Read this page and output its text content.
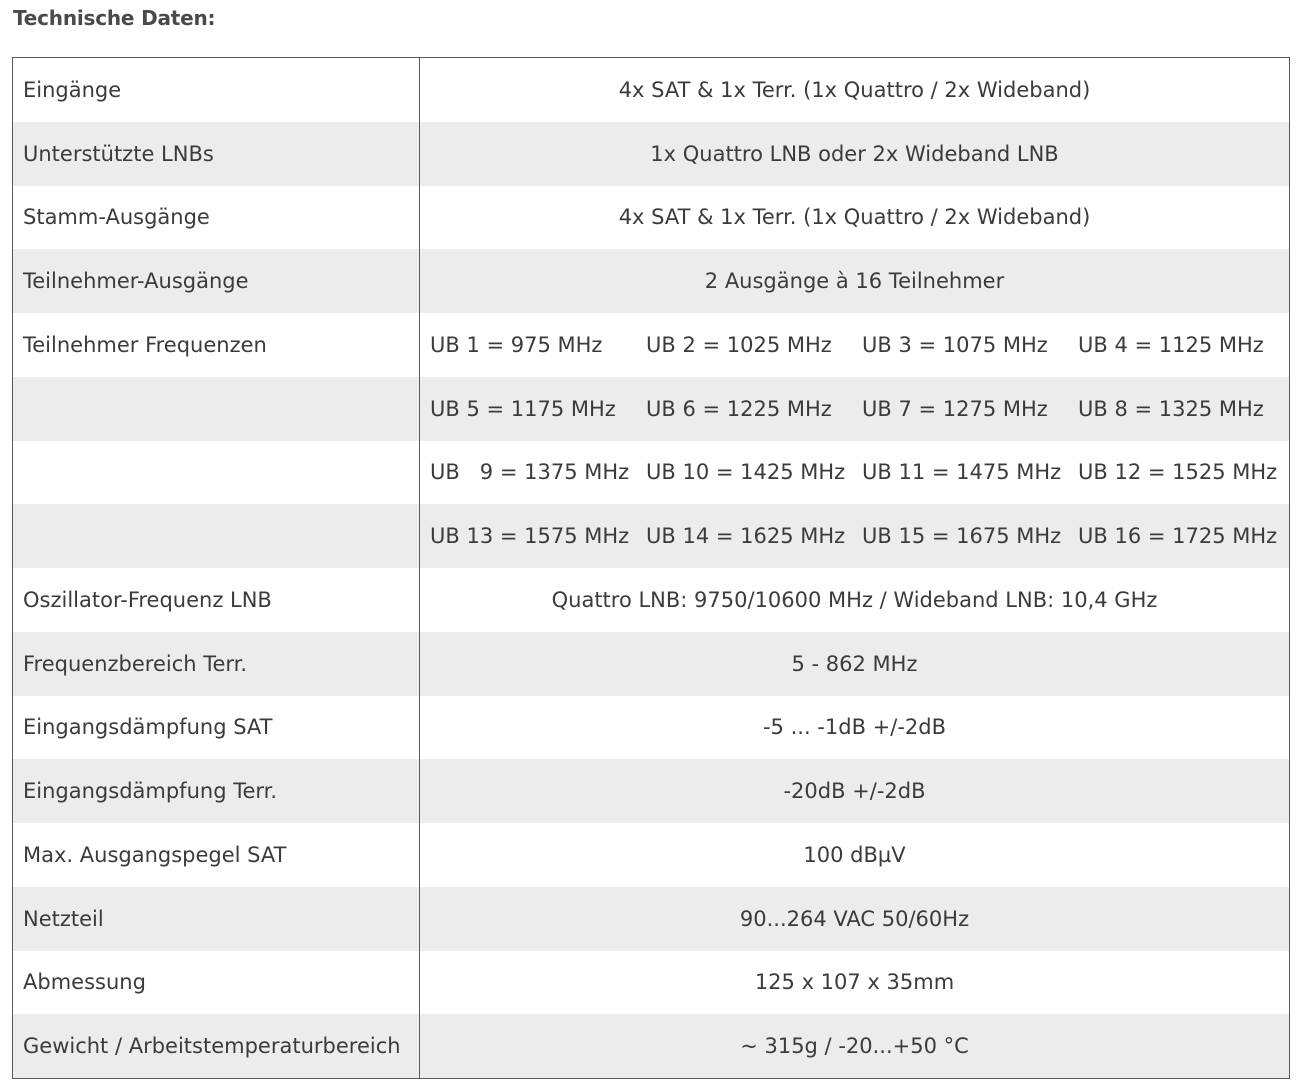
Technische Daten:
Eingänge	4x SAT & 1x Terr. (1x Quattro / 2x Wideband)
Unterstützte LNBs	1x Quattro LNB oder 2x Wideband LNB
Stamm-Ausgänge	4x SAT & 1x Terr. (1x Quattro / 2x Wideband)
Teilnehmer-Ausgänge	2 Ausgänge à 16 Teilnehmer
Teilnehmer Frequenzen	UB 1 = 975 MHz	UB 2 = 1025 MHz	UB 3 = 1075 MHz	UB 4 = 1125 MHz
UB 5 = 1175 MHz	UB 6 = 1225 MHz	UB 7 = 1275 MHz	UB 8 = 1325 MHz
UB   9 = 1375 MHz UB 10 = 1425 MHz UB 11 = 1475 MHz UB 12 = 1525 MHz
UB 13 = 1575 MHz UB 14 = 1625 MHz UB 15 = 1675 MHz UB 16 = 1725 MHz
Oszillator-Frequenz LNB	Quattro LNB: 9750/10600 MHz / Wideband LNB: 10,4 GHz
Frequenzbereich Terr.	5 - 862 MHz
Eingangsdämpfung SAT	-5 ... -1dB +/-2dB
Eingangsdämpfung Terr.	-20dB +/-2dB
Max. Ausgangspegel SAT	100 dBµV
Netzteil	90...264 VAC 50/60Hz
Abmessung	125 x 107 x 35mm
Gewicht / Arbeitstemperaturbereich	~ 315g / -20...+50 °C
